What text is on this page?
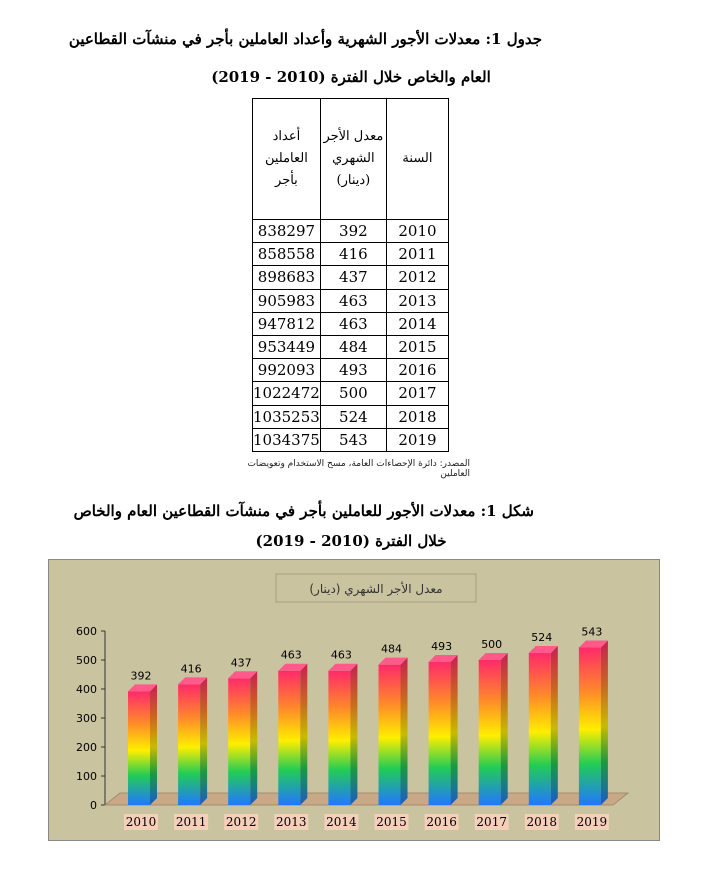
جدول 1: معدلات الأجور الشهرية وأعداد العاملين بأجر في منشآت القطاعين
العام والخاص خلال الفترة (2010 - 2019)
السنة	معدل الأجر الشهري (دينار)	أعداد العاملين بأجر
2010	392	838297
2011	416	858558
2012	437	898683
2013	463	905983
2014	463	947812
2015	484	953449
2016	493	992093
2017	500	1022472
2018	524	1035253
2019	543	1034375
المصدر: دائرة الإحصاءات العامة، مسح الاستخدام وتعويضات العاملين
شكل 1: معدلات الأجور للعاملين بأجر في منشآت القطاعين العام والخاص
خلال الفترة (2010 - 2019)
معدل الأجر الشهري (دينار)
0
100
200
300
400
500
600
392
2010
416
2011
437
2012
463
2013
463
2014
484
2015
493
2016
500
2017
524
2018
543
2019
